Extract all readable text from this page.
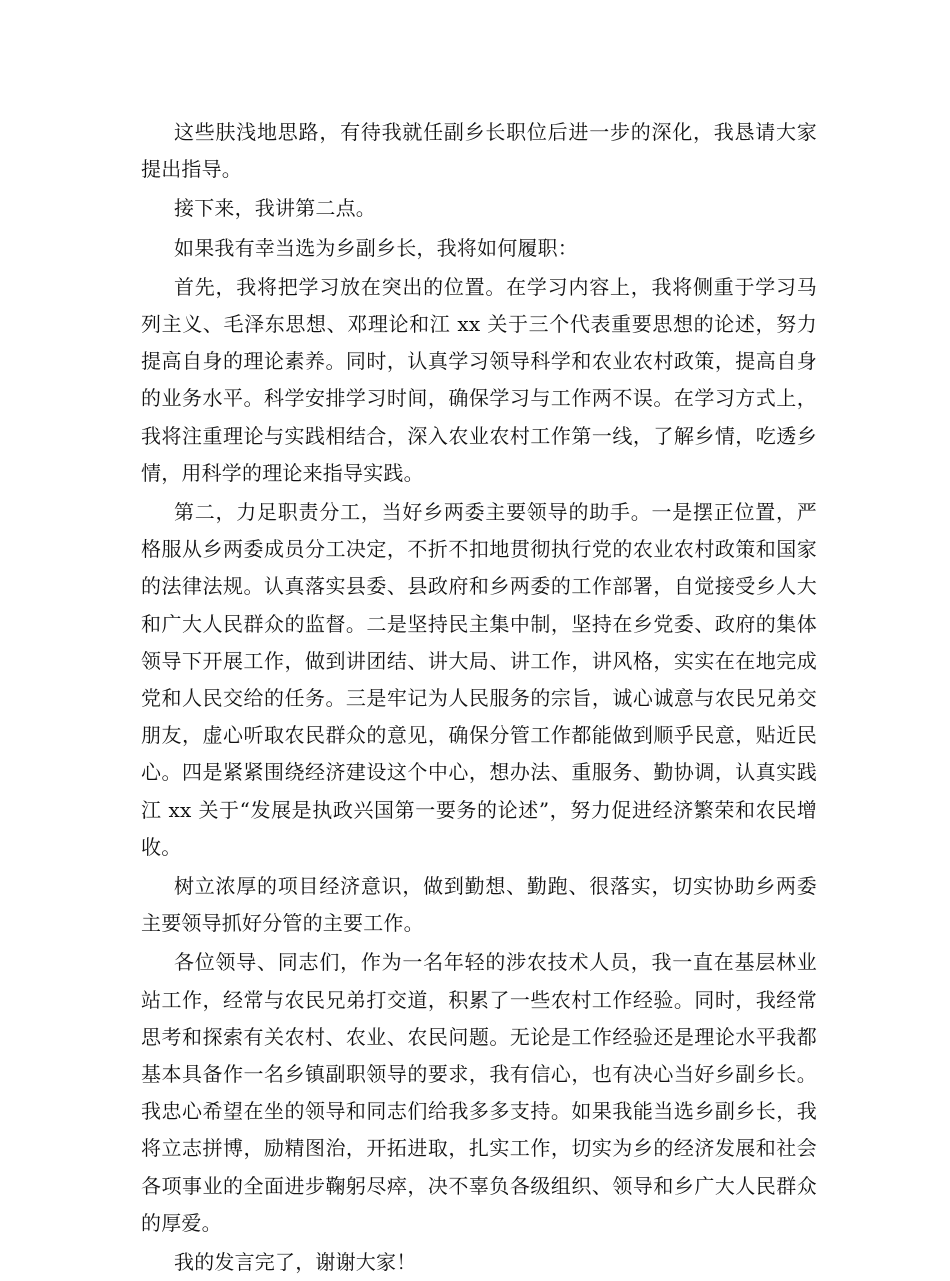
这些肤浅地思路，有待我就任副乡长职位后进一步的深化，我恳请大家提出指导。

接下来，我讲第二点。

如果我有幸当选为乡副乡长，我将如何履职：

首先，我将把学习放在突出的位置。在学习内容上，我将侧重于学习马列主义、毛泽东思想、邓理论和江 xx 关于三个代表重要思想的论述，努力提高自身的理论素养。同时，认真学习领导科学和农业农村政策，提高自身的业务水平。科学安排学习时间，确保学习与工作两不误。在学习方式上，我将注重理论与实践相结合，深入农业农村工作第一线，了解乡情，吃透乡情，用科学的理论来指导实践。

第二，力足职责分工，当好乡两委主要领导的助手。一是摆正位置，严格服从乡两委成员分工决定，不折不扣地贯彻执行党的农业农村政策和国家的法律法规。认真落实县委、县政府和乡两委的工作部署，自觉接受乡人大和广大人民群众的监督。二是坚持民主集中制，坚持在乡党委、政府的集体领导下开展工作，做到讲团结、讲大局、讲工作，讲风格，实实在在地完成党和人民交给的任务。三是牢记为人民服务的宗旨，诚心诚意与农民兄弟交朋友，虚心听取农民群众的意见，确保分管工作都能做到顺乎民意，贴近民心。四是紧紧围绕经济建设这个中心，想办法、重服务、勤协调，认真实践江 xx 关于“发展是执政兴国第一要务的论述”，努力促进经济繁荣和农民增收。

树立浓厚的项目经济意识，做到勤想、勤跑、很落实，切实协助乡两委主要领导抓好分管的主要工作。

各位领导、同志们，作为一名年轻的涉农技术人员，我一直在基层林业站工作，经常与农民兄弟打交道，积累了一些农村工作经验。同时，我经常思考和探索有关农村、农业、农民问题。无论是工作经验还是理论水平我都基本具备作一名乡镇副职领导的要求，我有信心，也有决心当好乡副乡长。我忠心希望在坐的领导和同志们给我多多支持。如果我能当选乡副乡长，我将立志拼博，励精图治，开拓进取，扎实工作，切实为乡的经济发展和社会各项事业的全面进步鞠躬尽瘁，决不辜负各级组织、领导和乡广大人民群众的厚爱。

我的发言完了，谢谢大家！
